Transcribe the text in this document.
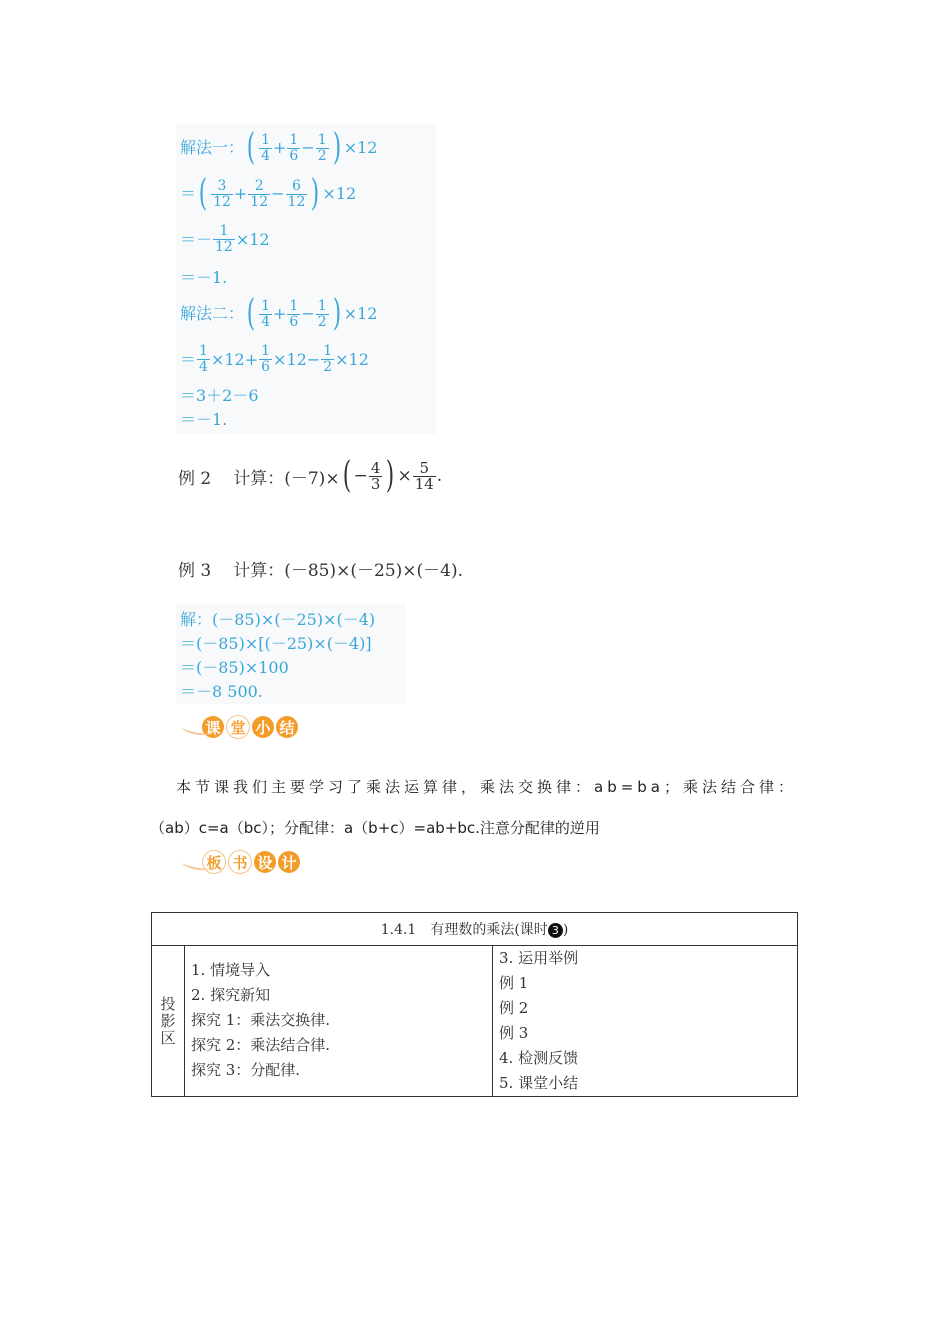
解法一： ( $\frac{1}{4} + \frac{1}{6} - \frac{1}{2}$ ) ×12
＝ ( $\frac{3}{12} + \frac{2}{12} - \frac{6}{12}$ ) ×12
＝－ $\frac{1}{12} \times 12$
＝－1.
解法二： ( $\frac{1}{4} + \frac{1}{6} - \frac{1}{2}$ ) ×12
＝ $\frac{1}{4} \times 12 + \frac{1}{6} \times 12 - \frac{1}{2} \times 12$
＝3＋2－6
＝－1.
例 2 计算：(－7)× ( − $\frac{4}{3}$ ) × $\frac{5}{14}$ .
例 3 计算：(－85)×(－25)×(－4).
解：(－85)×(－25)×(－4)
＝(－85)×[(－25)×(－4)]
＝(－85)×100
＝－8 500.
课 堂 小 结
本节课我们主要学习了乘法运算律，乘法交换律：ab=ba；乘法结合律：
（ab）c=a（bc）；分配律：a（b+c）=ab+bc.注意分配律的逆用
板 书 设 计
1.4.1　有理数的乘法(课时 3 )
投
影
区	
1. 情境导入
2. 探究新知
探究 1：乘法交换律.
探究 2：乘法结合律.
探究 3：分配律.

3. 运用举例
例 1
例 2
例 3
4. 检测反馈
5. 课堂小结
